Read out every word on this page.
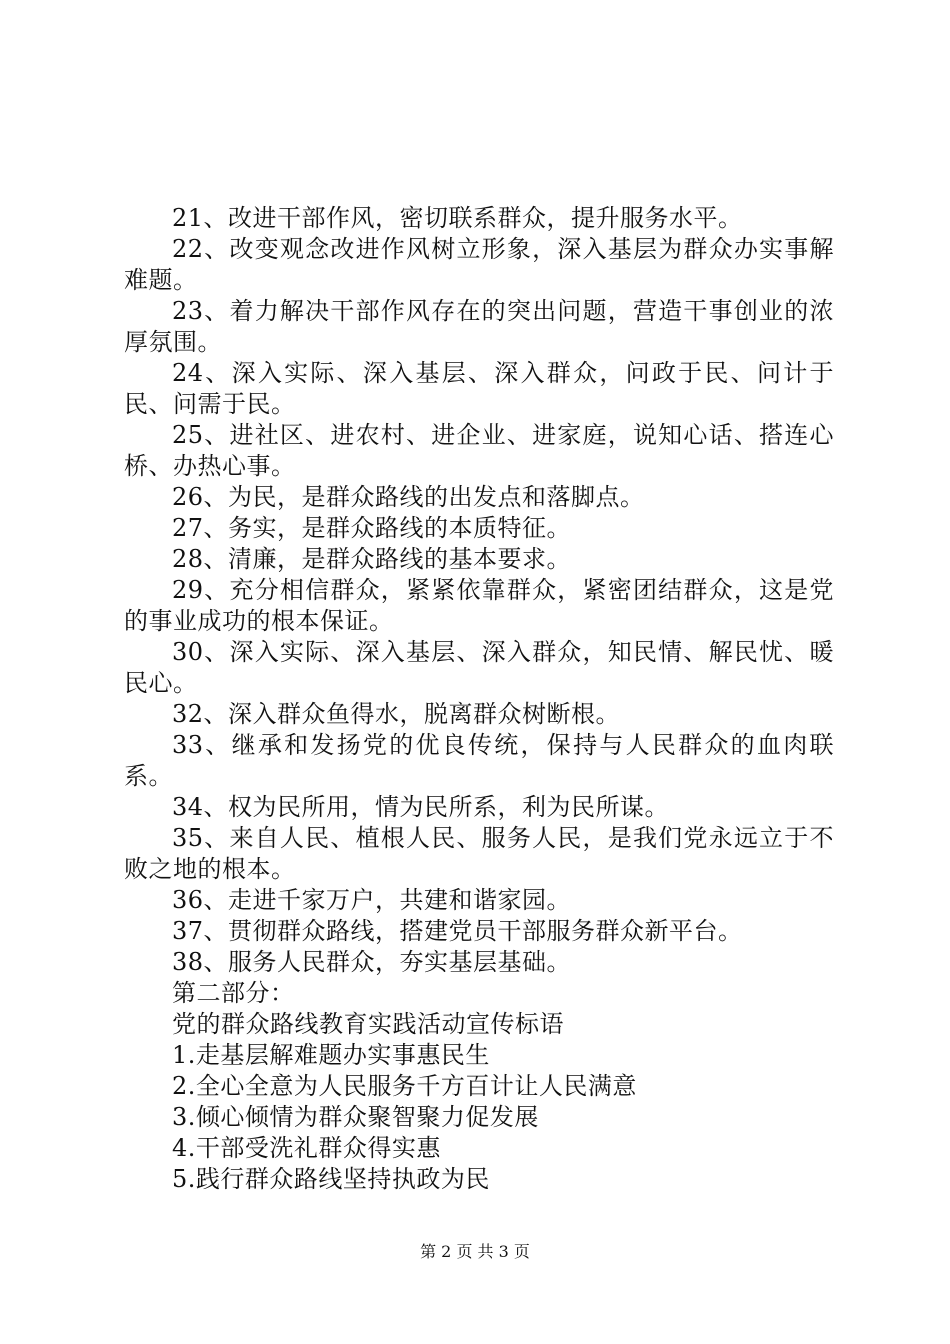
21、改进干部作风，密切联系群众，提升服务水平。

22、改变观念改进作风树立形象，深入基层为群众办实事解难题。

23、着力解决干部作风存在的突出问题，营造干事创业的浓厚氛围。

24、深入实际、深入基层、深入群众，问政于民、问计于民、问需于民。

25、进社区、进农村、进企业、进家庭，说知心话、搭连心桥、办热心事。

26、为民，是群众路线的出发点和落脚点。

27、务实，是群众路线的本质特征。

28、清廉，是群众路线的基本要求。

29、充分相信群众，紧紧依靠群众，紧密团结群众，这是党的事业成功的根本保证。

30、深入实际、深入基层、深入群众，知民情、解民忧、暖民心。

32、深入群众鱼得水，脱离群众树断根。

33、继承和发扬党的优良传统，保持与人民群众的血肉联系。

34、权为民所用，情为民所系，利为民所谋。

35、来自人民、植根人民、服务人民，是我们党永远立于不败之地的根本。

36、走进千家万户，共建和谐家园。

37、贯彻群众路线，搭建党员干部服务群众新平台。

38、服务人民群众，夯实基层基础。

第二部分：

党的群众路线教育实践活动宣传标语

1.走基层解难题办实事惠民生

2.全心全意为人民服务千方百计让人民满意

3.倾心倾情为群众聚智聚力促发展

4.干部受洗礼群众得实惠

5.践行群众路线坚持执政为民

第 2 页 共 3 页
